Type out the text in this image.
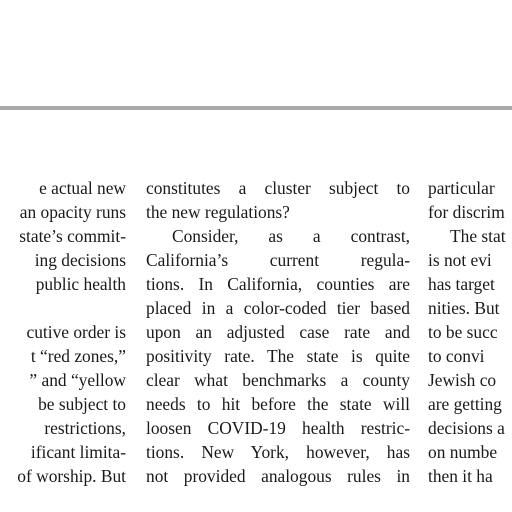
e actual new
an opacity runs
state’s commit-
ing decisions
public health
cutive order is
t “red zones,”
” and “yellow
be subject to
restrictions,
ificant limita-
of worship. But
constitutes a cluster subject to
the new regulations?
Consider, as a contrast,
California’s current regula-
tions. In California, counties are
placed in a color-coded tier based
upon an adjusted case rate and
positivity rate. The state is quite
clear what benchmarks a county
needs to hit before the state will
loosen COVID-19 health restric-
tions. New York, however, has
not provided analogous rules in
particular
for discrim
The stat
is not evi
has target
nities. But
to be succ
to convi
Jewish co
are getting
decisions a
on numbe
then it ha
